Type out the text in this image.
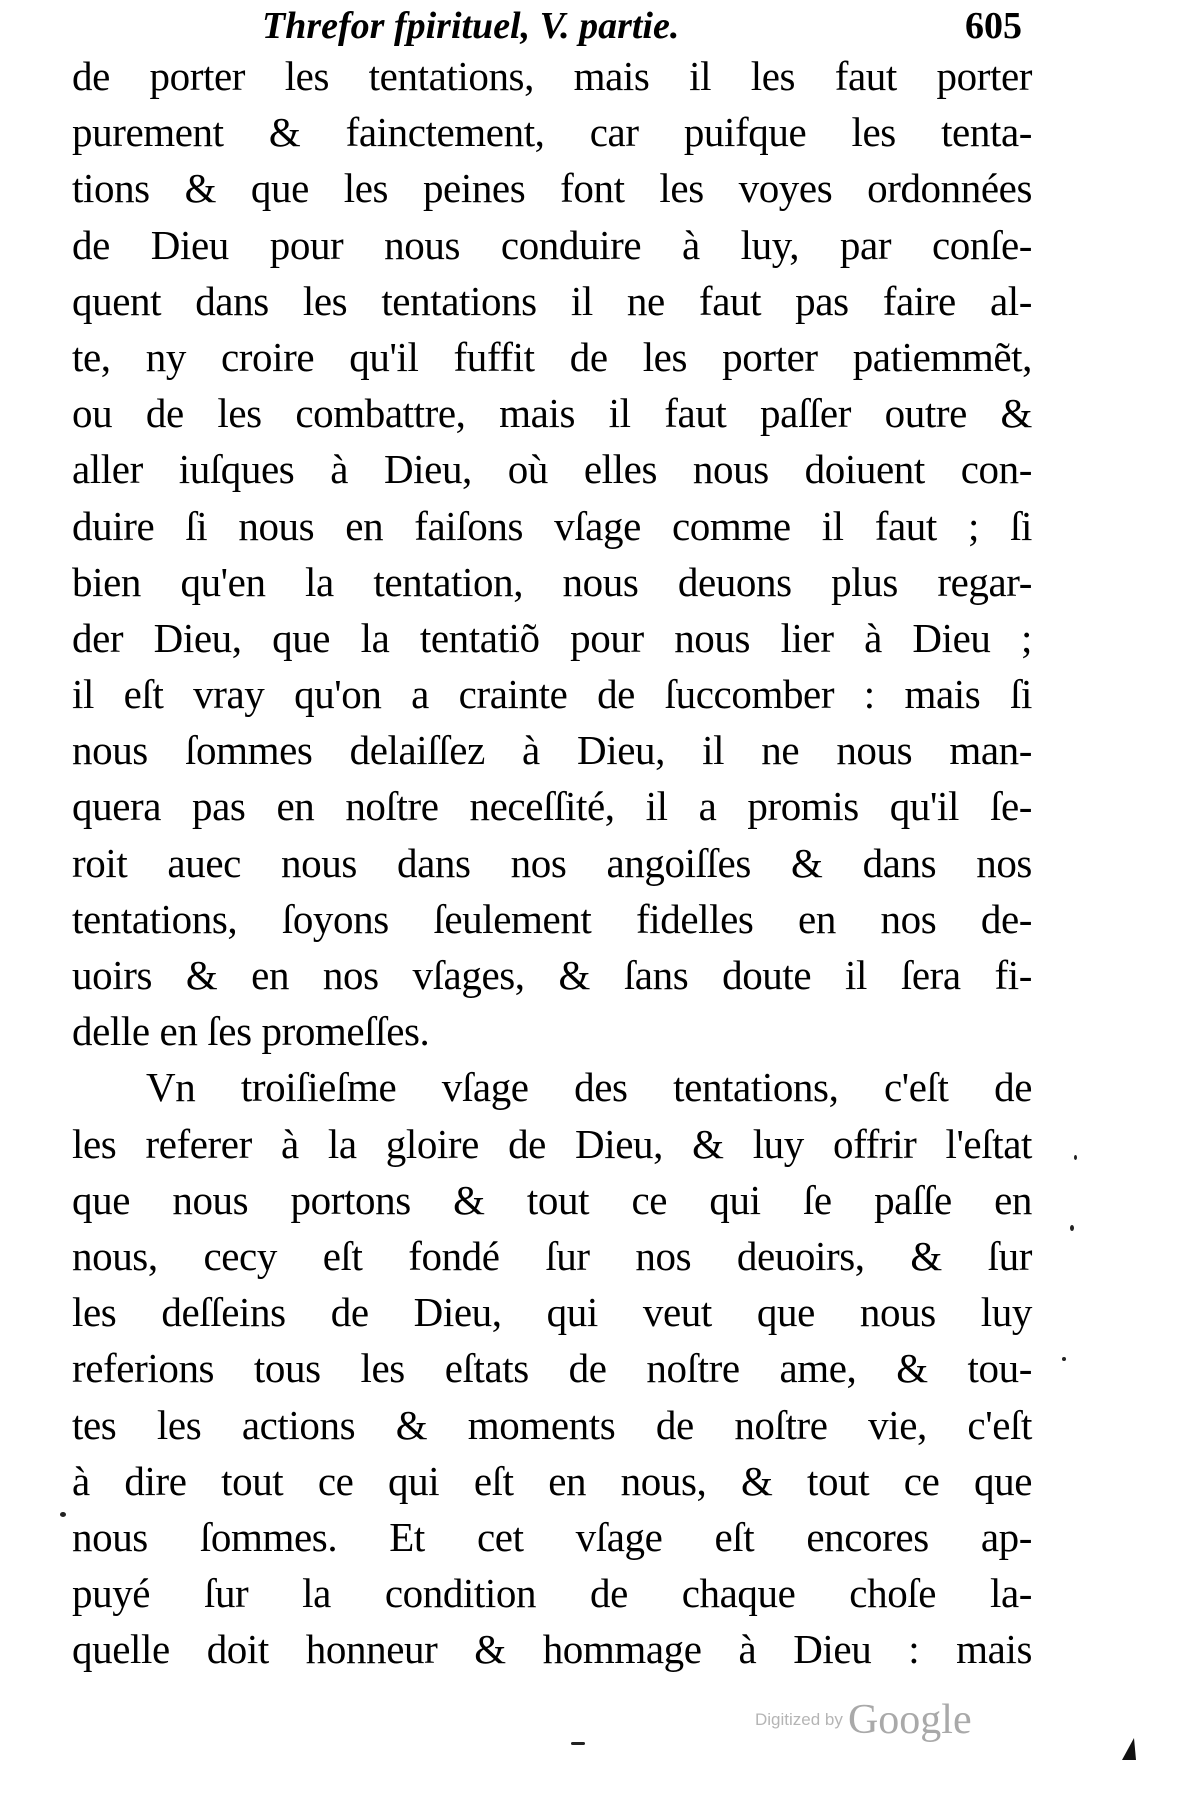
Threfor fpirituel, V. partie.	605
de porter les tentations, mais il les faut porter
purement & fainctement, car puifque les tenta-
tions & que les peines font les voyes ordonnées
de Dieu pour nous conduire à luy, par conſe-
quent dans les tentations il ne faut pas faire al-
te, ny croire qu'il fuffit de les porter patiemmẽt,
ou de les combattre, mais il faut paſſer outre &
aller iuſques à Dieu, où elles nous doiuent con-
duire ſi nous en faiſons vſage comme il faut ; ſi
bien qu'en la tentation, nous deuons plus regar-
der Dieu, que la tentatiõ pour nous lier à Dieu ;
il eſt vray qu'on a crainte de ſuccomber : mais ſi
nous ſommes delaiſſez à Dieu, il ne nous man-
quera pas en noſtre neceſſité, il a promis qu'il ſe-
roit auec nous dans nos angoiſſes & dans nos
tentations, ſoyons ſeulement fidelles en nos de-
uoirs & en nos vſages, & ſans doute il ſera fi-
delle en ſes promeſſes.
Vn troiſieſme vſage des tentations, c'eſt de
les referer à la gloire de Dieu, & luy offrir l'eſtat
que nous portons & tout ce qui ſe paſſe en
nous, cecy eſt fondé ſur nos deuoirs, & ſur
les deſſeins de Dieu, qui veut que nous luy
referions tous les eſtats de noſtre ame, & tou-
tes les actions & moments de noſtre vie, c'eſt
à dire tout ce qui eſt en nous, & tout ce que
nous ſommes. Et cet vſage eſt encores ap-
puyé ſur la condition de chaque choſe la-
quelle doit honneur & hommage à Dieu : mais
Digitized by Google
